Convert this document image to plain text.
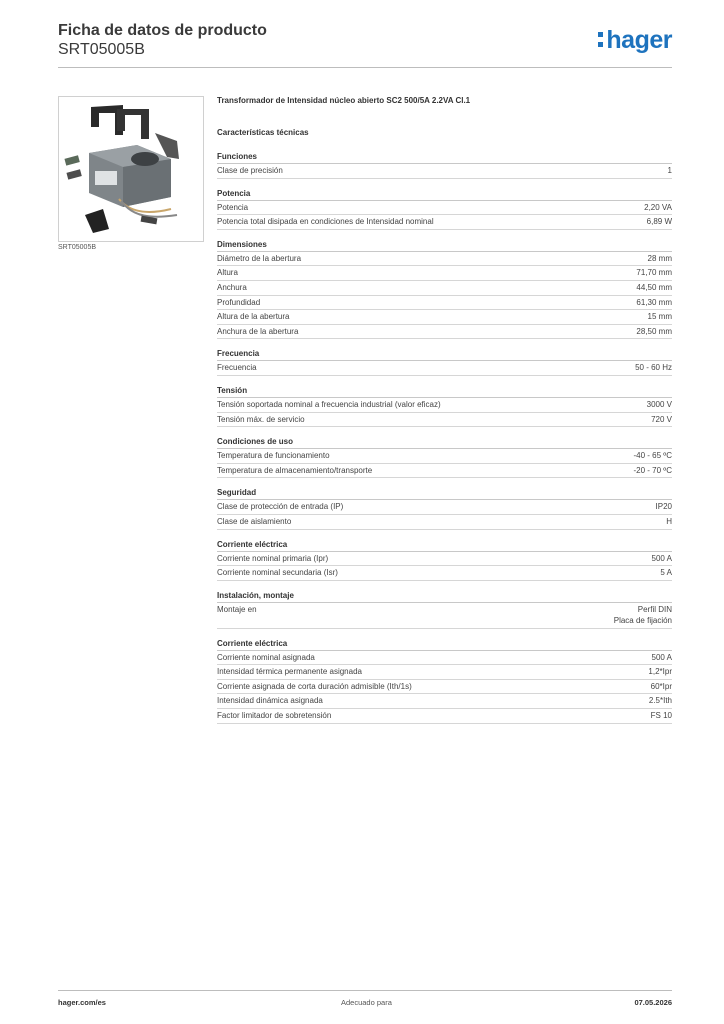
Ficha de datos de producto
SRT05005B	hager
SRT05005B
Transformador de Intensidad núcleo abierto SC2 500/5A 2.2VA Cl.1
Características técnicas
Funciones
Clase de precisión	1
Potencia
Potencia	2,20 VA
Potencia total disipada en condiciones de Intensidad nominal	6,89 W
Dimensiones
Diámetro de la abertura	28 mm
Altura	71,70 mm
Anchura	44,50 mm
Profundidad	61,30 mm
Altura de la abertura	15 mm
Anchura de la abertura	28,50 mm
Frecuencia
Frecuencia	50 - 60 Hz
Tensión
Tensión soportada nominal a frecuencia industrial (valor eficaz)	3000 V
Tensión máx. de servicio	720 V
Condiciones de uso
Temperatura de funcionamiento	-40 - 65 ºC
Temperatura de almacenamiento/transporte	-20 - 70 ºC
Seguridad
Clase de protección de entrada (IP)	IP20
Clase de aislamiento	H
Corriente eléctrica
Corriente nominal primaria (Ipr)	500 A
Corriente nominal secundaria (Isr)	5 A
Instalación, montaje
Montaje en	Perfil DIN
Placa de fijación
Corriente eléctrica
Corriente nominal asignada	500 A
Intensidad térmica permanente asignada	1,2*Ipr
Corriente asignada de corta duración admisible (Ith/1s)	60*Ipr
Intensidad dinámica asignada	2.5*Ith
Factor limitador de sobretensión	FS 10
hager.com/es	Adecuado para	07.05.2026
